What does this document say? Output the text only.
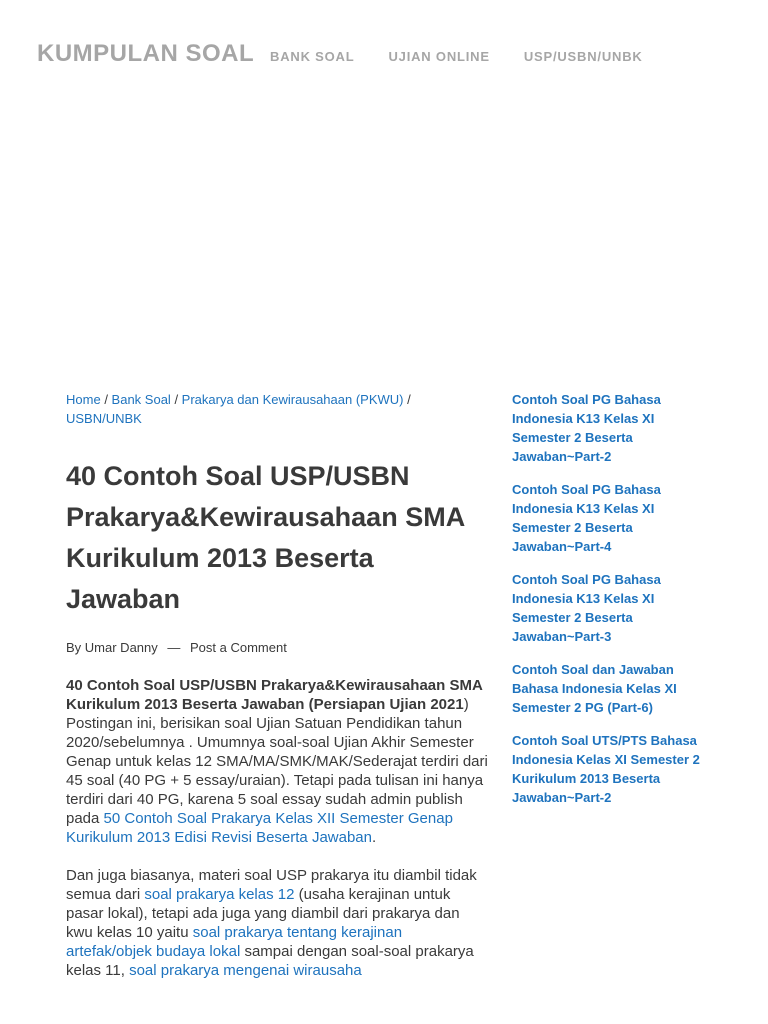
KUMPULAN SOAL BANK SOAL	UJIAN ONLINE	USP/USBN/UNBK
Home / Bank Soal / Prakarya dan Kewirausahaan (PKWU) / USBN/UNBK
40 Contoh Soal USP/USBN Prakarya&Kewirausahaan SMA Kurikulum 2013 Beserta Jawaban
By Umar Danny — Post a Comment

40 Contoh Soal USP/USBN Prakarya&Kewirausahaan SMA Kurikulum 2013 Beserta Jawaban (Persiapan Ujian 2021) Postingan ini, berisikan soal Ujian Satuan Pendidikan tahun 2020/sebelumnya . Umumnya soal-soal Ujian Akhir Semester Genap untuk kelas 12 SMA/MA/SMK/MAK/Sederajat terdiri dari 45 soal (40 PG + 5 essay/uraian). Tetapi pada tulisan ini hanya terdiri dari 40 PG, karena 5 soal essay sudah admin publish pada 50 Contoh Soal Prakarya Kelas XII Semester Genap Kurikulum 2013 Edisi Revisi Beserta Jawaban.

Dan juga biasanya, materi soal USP prakarya itu diambil tidak semua dari soal prakarya kelas 12 (usaha kerajinan untuk pasar lokal), tetapi ada juga yang diambil dari prakarya dan kwu kelas 10 yaitu soal prakarya tentang kerajinan artefak/objek budaya lokal sampai dengan soal-soal prakarya kelas 11, soal prakarya mengenai wirausaha

Contoh Soal PG Bahasa Indonesia K13 Kelas XI Semester 2 Beserta Jawaban~Part-2
Contoh Soal PG Bahasa Indonesia K13 Kelas XI Semester 2 Beserta Jawaban~Part-4
Contoh Soal PG Bahasa Indonesia K13 Kelas XI Semester 2 Beserta Jawaban~Part-3
Contoh Soal dan Jawaban Bahasa Indonesia Kelas XI Semester 2 PG (Part-6)
Contoh Soal UTS/PTS Bahasa Indonesia Kelas XI Semester 2 Kurikulum 2013 Beserta Jawaban~Part-2
